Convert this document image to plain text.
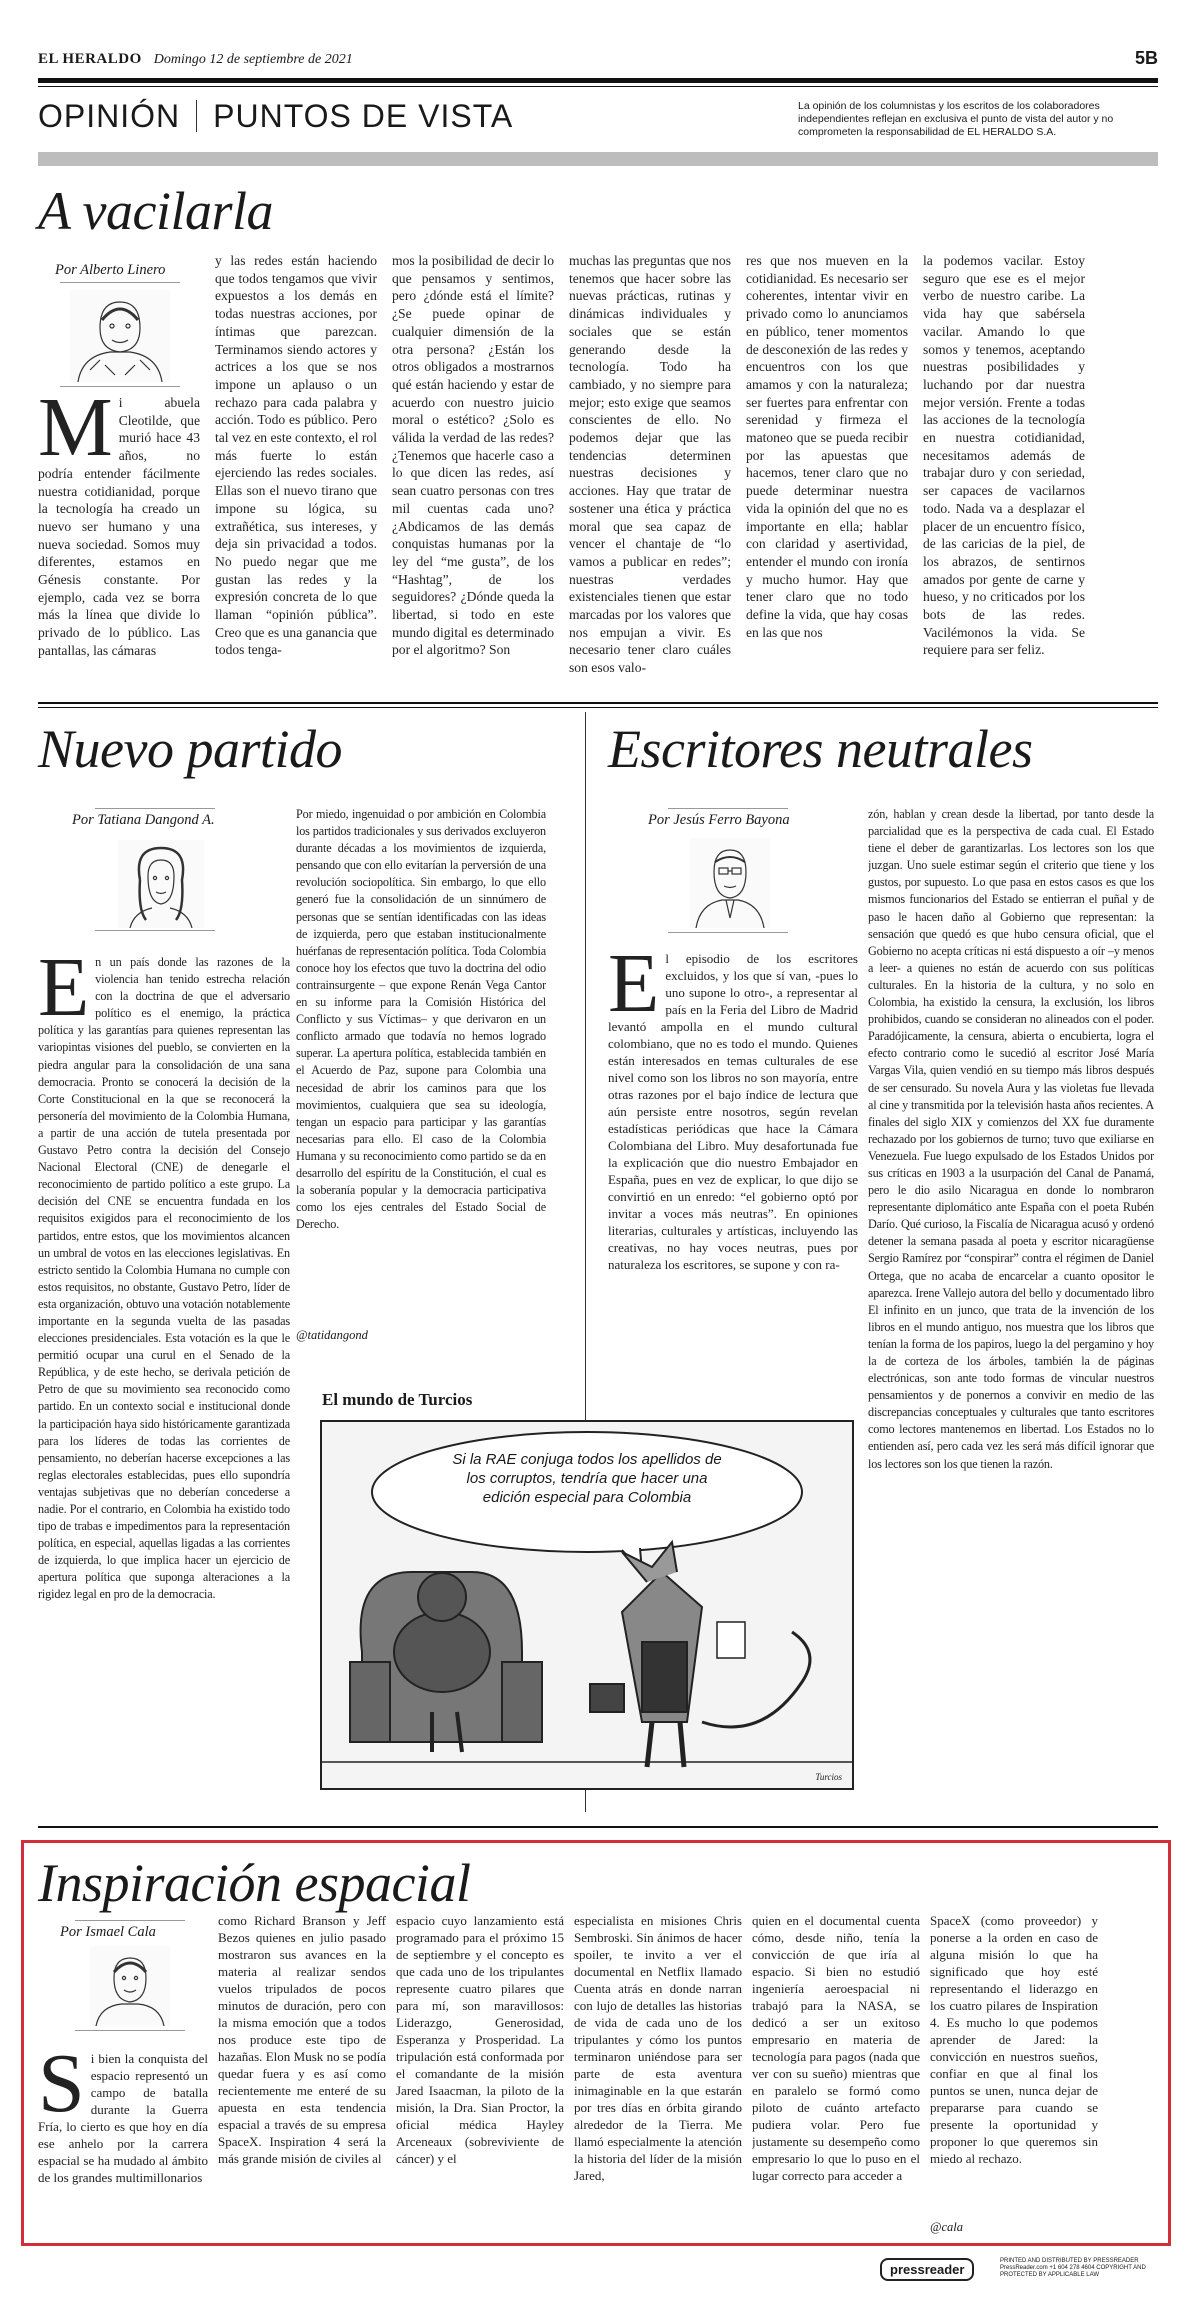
EL HERALDO Domingo 12 de septiembre de 2021	5B
OPINIÓN PUNTOS DE VISTA	La opinión de los columnistas y los escritos de los colaboradores independientes reflejan en exclusiva el punto de vista del autor y no comprometen la responsabilidad de EL HERALDO S.A.
A vacilarla
Por Alberto Linero
Mi abuela Cleotilde, que murió hace 43 años, no podría entender fácilmente nuestra cotidianidad, porque la tecnología ha creado un nuevo ser humano y una nueva sociedad. Somos muy diferentes, estamos en Génesis constante. Por ejemplo, cada vez se borra más la línea que divide lo privado de lo público. Las pantallas, las cámaras
y las redes están haciendo que todos tengamos que vivir expuestos a los demás en todas nuestras acciones, por íntimas que parezcan. Terminamos siendo actores y actrices a los que se nos impone un aplauso o un rechazo para cada palabra y acción. Todo es público. Pero tal vez en este contexto, el rol más fuerte lo están ejerciendo las redes sociales. Ellas son el nuevo tirano que impone su lógica, su extrañética, sus intereses, y deja sin privacidad a todos. No puedo negar que me gustan las redes y la expresión concreta de lo que llaman “opinión pública”. Creo que es una ganancia que todos tenga-
mos la posibilidad de decir lo que pensamos y sentimos, pero ¿dónde está el límite? ¿Se puede opinar de cualquier dimensión de la otra persona? ¿Están los otros obligados a mostrarnos qué están haciendo y estar de acuerdo con nuestro juicio moral o estético? ¿Solo es válida la verdad de las redes? ¿Tenemos que hacerle caso a lo que dicen las redes, así sean cuatro personas con tres mil cuentas cada uno? ¿Abdicamos de las demás conquistas humanas por la ley del “me gusta”, de los “Hashtag”, de los seguidores? ¿Dónde queda la libertad, si todo en este mundo digital es determinado por el algoritmo? Son
muchas las preguntas que nos tenemos que hacer sobre las nuevas prácticas, rutinas y dinámicas individuales y sociales que se están generando desde la tecnología. Todo ha cambiado, y no siempre para mejor; esto exige que seamos conscientes de ello. No podemos dejar que las tendencias determinen nuestras decisiones y acciones. Hay que tratar de sostener una ética y práctica moral que sea capaz de vencer el chantaje de “lo vamos a publicar en redes”; nuestras verdades existenciales tienen que estar marcadas por los valores que nos empujan a vivir. Es necesario tener claro cuáles son esos valo-
res que nos mueven en la cotidianidad. Es necesario ser coherentes, intentar vivir en privado como lo anunciamos en público, tener momentos de desconexión de las redes y encuentros con los que amamos y con la naturaleza; ser fuertes para enfrentar con serenidad y firmeza el matoneo que se pueda recibir por las apuestas que hacemos, tener claro que no puede determinar nuestra vida la opinión del que no es importante en ella; hablar con claridad y asertividad, entender el mundo con ironía y mucho humor. Hay que tener claro que no todo define la vida, que hay cosas en las que nos
la podemos vacilar. Estoy seguro que ese es el mejor verbo de nuestro caribe. La vida hay que sabérsela vacilar. Amando lo que somos y tenemos, aceptando nuestras posibilidades y luchando por dar nuestra mejor versión. Frente a todas las acciones de la tecnología en nuestra cotidianidad, necesitamos además de trabajar duro y con seriedad, ser capaces de vacilarnos todo. Nada va a desplazar el placer de un encuentro físico, de las caricias de la piel, de los abrazos, de sentirnos amados por gente de carne y hueso, y no criticados por los bots de las redes. Vacilémonos la vida. Se requiere para ser feliz.
Nuevo partido
Por Tatiana Dangond A.
En un país donde las razones de la violencia han tenido estrecha relación con la doctrina de que el adversario político es el enemigo, la práctica política y las garantías para quienes representan las variopintas visiones del pueblo, se convierten en la piedra angular para la consolidación de una sana democracia. Pronto se conocerá la decisión de la Corte Constitucional en la que se reconocerá la personería del movimiento de la Colombia Humana, a partir de una acción de tutela presentada por Gustavo Petro contra la decisión del Consejo Nacional Electoral (CNE) de denegarle el reconocimiento de partido político a este grupo. La decisión del CNE se encuentra fundada en los requisitos exigidos para el reconocimiento de los partidos, entre estos, que los movimientos alcancen un umbral de votos en las elecciones legislativas. En estricto sentido la Colombia Humana no cumple con estos requisitos, no obstante, Gustavo Petro, líder de esta organización, obtuvo una votación notablemente importante en la segunda vuelta de las pasadas elecciones presidenciales. Esta votación es la que le permitió ocupar una curul en el Senado de la República, y de este hecho, se derivala petición de Petro de que su movimiento sea reconocido como partido. En un contexto social e institucional donde la participación haya sido históricamente garantizada para los líderes de todas las corrientes de pensamiento, no deberían hacerse excepciones a las reglas electorales establecidas, pues ello supondría ventajas subjetivas que no deberían concederse a nadie. Por el contrario, en Colombia ha existido todo tipo de trabas e impedimentos para la representación política, en especial, aquellas ligadas a las corrientes de izquierda, lo que implica hacer un ejercicio de apertura política que suponga alteraciones a la rigidez legal en pro de la democracia.
Por miedo, ingenuidad o por ambición en Colombia los partidos tradicionales y sus derivados excluyeron durante décadas a los movimientos de izquierda, pensando que con ello evitarían la perversión de una revolución sociopolítica. Sin embargo, lo que ello generó fue la consolidación de un sinnúmero de personas que se sentían identificadas con las ideas de izquierda, pero que estaban institucionalmente huérfanas de representación política. Toda Colombia conoce hoy los efectos que tuvo la doctrina del odio contrainsurgente – que expone Renán Vega Cantor en su informe para la Comisión Histórica del Conflicto y sus Víctimas– y que derivaron en un conflicto armado que todavía no hemos logrado superar. La apertura política, establecida también en el Acuerdo de Paz, supone para Colombia una necesidad de abrir los caminos para que los movimientos, cualquiera que sea su ideología, tengan un espacio para participar y las garantías necesarias para ello. El caso de la Colombia Humana y su reconocimiento como partido se da en desarrollo del espíritu de la Constitución, el cual es la soberanía popular y la democracia participativa como los ejes centrales del Estado Social de Derecho.
@tatidangond
Escritores neutrales
Por Jesús Ferro Bayona
El episodio de los escritores excluidos, y los que sí van, -pues lo uno supone lo otro-, a representar al país en la Feria del Libro de Madrid levantó ampolla en el mundo cultural colombiano, que no es todo el mundo. Quienes están interesados en temas culturales de ese nivel como son los libros no son mayoría, entre otras razones por el bajo índice de lectura que aún persiste entre nosotros, según revelan estadísticas periódicas que hace la Cámara Colombiana del Libro. Muy desafortunada fue la explicación que dio nuestro Embajador en España, pues en vez de explicar, lo que dijo se convirtió en un enredo: “el gobierno optó por invitar a voces más neutras”. En opiniones literarias, culturales y artísticas, incluyendo las creativas, no hay voces neutras, pues por naturaleza los escritores, se supone y con ra-
zón, hablan y crean desde la libertad, por tanto desde la parcialidad que es la perspectiva de cada cual. El Estado tiene el deber de garantizarlas. Los lectores son los que juzgan. Uno suele estimar según el criterio que tiene y los gustos, por supuesto. Lo que pasa en estos casos es que los mismos funcionarios del Estado se entierran el puñal y de paso le hacen daño al Gobierno que representan: la sensación que quedó es que hubo censura oficial, que el Gobierno no acepta críticas ni está dispuesto a oír –y menos a leer- a quienes no están de acuerdo con sus políticas culturales. En la historia de la cultura, y no solo en Colombia, ha existido la censura, la exclusión, los libros prohibidos, cuando se consideran no alineados con el poder. Paradójicamente, la censura, abierta o encubierta, logra el efecto contrario como le sucedió al escritor José María Vargas Vila, quien vendió en su tiempo más libros después de ser censurado. Su novela Aura y las violetas fue llevada al cine y transmitida por la televisión hasta años recientes. A finales del siglo XIX y comienzos del XX fue duramente rechazado por los gobiernos de turno; tuvo que exiliarse en Venezuela. Fue luego expulsado de los Estados Unidos por sus críticas en 1903 a la usurpación del Canal de Panamá, pero le dio asilo Nicaragua en donde lo nombraron representante diplomático ante España con el poeta Rubén Darío. Qué curioso, la Fiscalía de Nicaragua acusó y ordenó detener la semana pasada al poeta y escritor nicaragüense Sergio Ramírez por “conspirar” contra el régimen de Daniel Ortega, que no acaba de encarcelar a cuanto opositor le aparezca. Irene Vallejo autora del bello y documentado libro El infinito en un junco, que trata de la invención de los libros en el mundo antiguo, nos muestra que los libros que tenían la forma de los papiros, luego la del pergamino y hoy la de corteza de los árboles, también la de páginas electrónicas, son ante todo formas de vincular nuestros pensamientos y de ponernos a convivir en medio de las discrepancias conceptuales y culturales que tanto escritores como lectores mantenemos en libertad. Los Estados no lo entienden así, pero cada vez les será más difícil ignorar que los lectores son los que tienen la razón.
El mundo de Turcios
Si la RAE conjuga todos los apellidos de los corruptos, tendría que hacer una edición especial para Colombia
Turcios
Inspiración espacial
Por Ismael Cala
Si bien la conquista del espacio representó un campo de batalla durante la Guerra Fría, lo cierto es que hoy en día ese anhelo por la carrera espacial se ha mudado al ámbito de los grandes multimillonarios
como Richard Branson y Jeff Bezos quienes en julio pasado mostraron sus avances en la materia al realizar sendos vuelos tripulados de pocos minutos de duración, pero con la misma emoción que a todos nos produce este tipo de hazañas. Elon Musk no se podía quedar fuera y es así como recientemente me enteré de su apuesta en esta tendencia espacial a través de su empresa SpaceX. Inspiration 4 será la más grande misión de civiles al
espacio cuyo lanzamiento está programado para el próximo 15 de septiembre y el concepto es que cada uno de los tripulantes represente cuatro pilares que para mí, son maravillosos: Liderazgo, Generosidad, Esperanza y Prosperidad. La tripulación está conformada por el comandante de la misión Jared Isaacman, la piloto de la misión, la Dra. Sian Proctor, la oficial médica Hayley Arceneaux (sobreviviente de cáncer) y el
especialista en misiones Chris Sembroski. Sin ánimos de hacer spoiler, te invito a ver el documental en Netflix llamado Cuenta atrás en donde narran con lujo de detalles las historias de vida de cada uno de los tripulantes y cómo los puntos terminaron uniéndose para ser parte de esta aventura inimaginable en la que estarán por tres días en órbita girando alrededor de la Tierra. Me llamó especialmente la atención la historia del líder de la misión Jared,
quien en el documental cuenta cómo, desde niño, tenía la convicción de que iría al espacio. Si bien no estudió ingeniería aeroespacial ni trabajó para la NASA, se dedicó a ser un exitoso empresario en materia de tecnología para pagos (nada que ver con su sueño) mientras que en paralelo se formó como piloto de cuánto artefacto pudiera volar. Pero fue justamente su desempeño como empresario lo que lo puso en el lugar correcto para acceder a
SpaceX (como proveedor) y ponerse a la orden en caso de alguna misión lo que ha significado que hoy esté representando el liderazgo en los cuatro pilares de Inspiration 4. Es mucho lo que podemos aprender de Jared: la convicción en nuestros sueños, confiar en que al final los puntos se unen, nunca dejar de prepararse para cuando se presente la oportunidad y proponer lo que queremos sin miedo al rechazo.
@cala
pressreader
PRINTED AND DISTRIBUTED BY PRESSREADER PressReader.com +1 604 278 4604 COPYRIGHT AND PROTECTED BY APPLICABLE LAW
